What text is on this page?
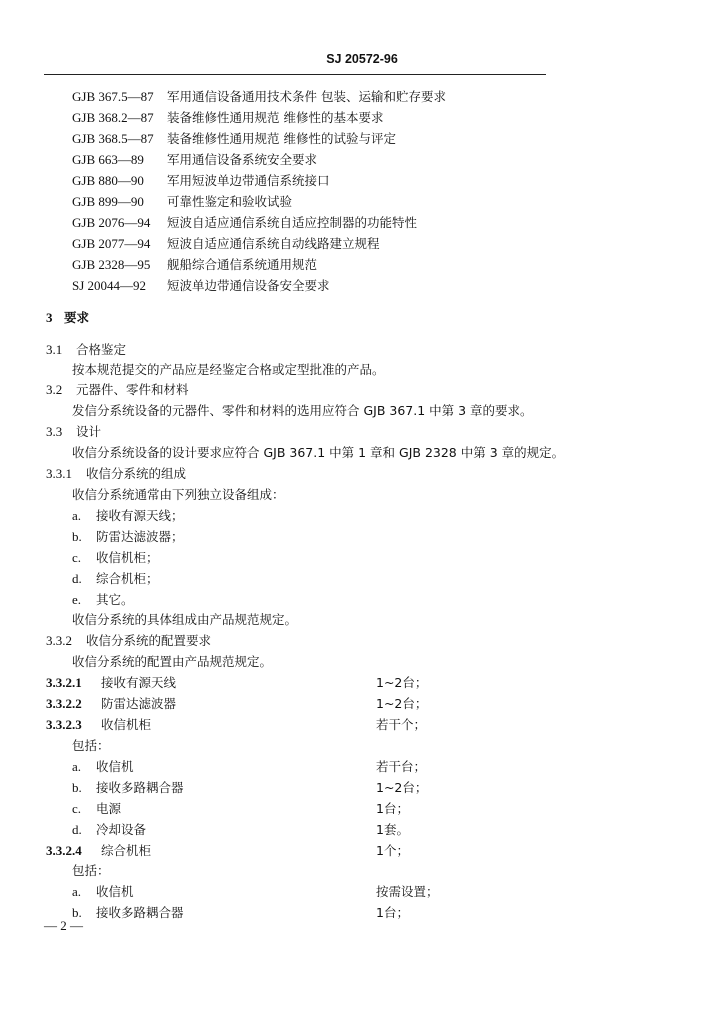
SJ 20572-96
GJB 367.5—87	军用通信设备通用技术条件 包装、运输和贮存要求
GJB 368.2—87	装备维修性通用规范 维修性的基本要求
GJB 368.5—87	装备维修性通用规范 维修性的试验与评定
GJB 663—89	军用通信设备系统安全要求
GJB 880—90	军用短波单边带通信系统接口
GJB 899—90	可靠性鉴定和验收试验
GJB 2076—94	短波自适应通信系统自适应控制器的功能特性
GJB 2077—94	短波自适应通信系统自动线路建立规程
GJB 2328—95	舰船综合通信系统通用规范
SJ 20044—92	短波单边带通信设备安全要求
3 要求
3.1 合格鉴定
按本规范提交的产品应是经鉴定合格或定型批准的产品。
3.2 元器件、零件和材料
发信分系统设备的元器件、零件和材料的选用应符合 GJB 367.1 中第 3 章的要求。
3.3 设计
收信分系统设备的设计要求应符合 GJB 367.1 中第 1 章和 GJB 2328 中第 3 章的规定。
3.3.1 收信分系统的组成
收信分系统通常由下列独立设备组成：
a. 接收有源天线；
b. 防雷达滤波器；
c. 收信机柜；
d. 综合机柜；
e. 其它。
收信分系统的具体组成由产品规范规定。
3.3.2 收信分系统的配置要求
收信分系统的配置由产品规范规定。
3.3.2.1 接收有源天线	1~2台；
3.3.2.2 防雷达滤波器	1~2台；
3.3.2.3 收信机柜	若干个；
包括：
a. 收信机	若干台；
b. 接收多路耦合器	1~2台；
c. 电源	1台；
d. 冷却设备	1套。
3.3.2.4 综合机柜	1个；
包括：
a. 收信机	按需设置；
b. 接收多路耦合器	1台；
— 2 —
